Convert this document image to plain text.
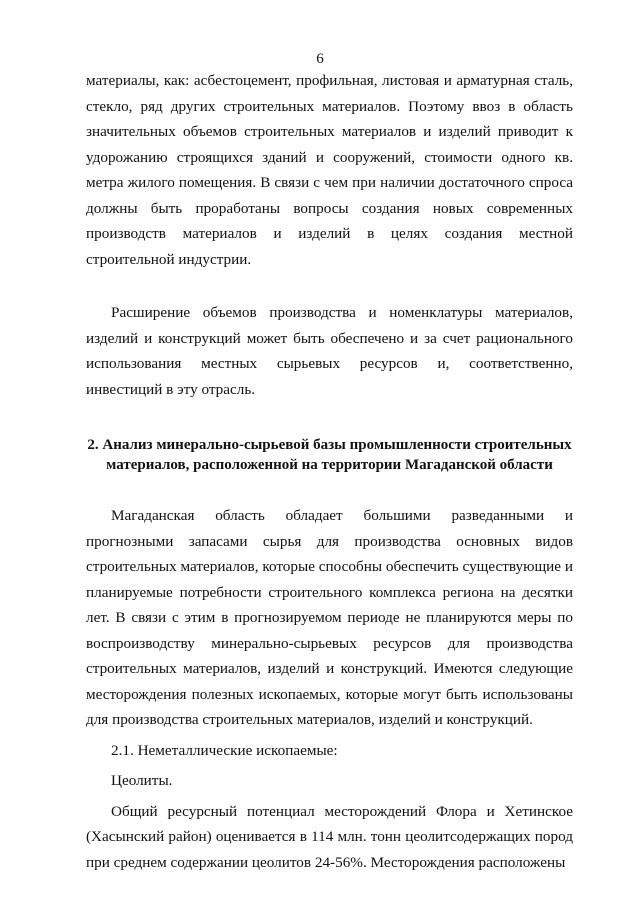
6

материалы, как: асбестоцемент, профильная, листовая и арматурная сталь, стекло, ряд других строительных материалов. Поэтому ввоз в область значительных объемов строительных материалов и изделий приводит к удорожанию строящихся зданий и сооружений, стоимости одного кв. метра жилого помещения. В связи с чем при наличии достаточного спроса должны быть проработаны вопросы создания новых современных производств материалов и изделий в целях создания местной строительной индустрии.

Расширение объемов производства и номенклатуры материалов, изделий и конструкций может быть обеспечено и за счет рационального использования местных сырьевых ресурсов и, соответственно, инвестиций в эту отрасль.

2. Анализ минерально-сырьевой базы промышленности строительных материалов, расположенной на территории Магаданской области

Магаданская область обладает большими разведанными и прогнозными запасами сырья для производства основных видов строительных материалов, которые способны обеспечить существующие и планируемые потребности строительного комплекса региона на десятки лет. В связи с этим в прогнозируемом периоде не планируются меры по воспроизводству минерально-сырьевых ресурсов для производства строительных материалов, изделий и конструкций. Имеются следующие месторождения полезных ископаемых, которые могут быть использованы для производства строительных материалов, изделий и конструкций.

2.1. Неметаллические ископаемые:

Цеолиты.

Общий ресурсный потенциал месторождений Флора и Хетинское (Хасынский район) оценивается в 114 млн. тонн цеолитсодержащих пород при среднем содержании цеолитов 24-56%. Месторождения расположены
